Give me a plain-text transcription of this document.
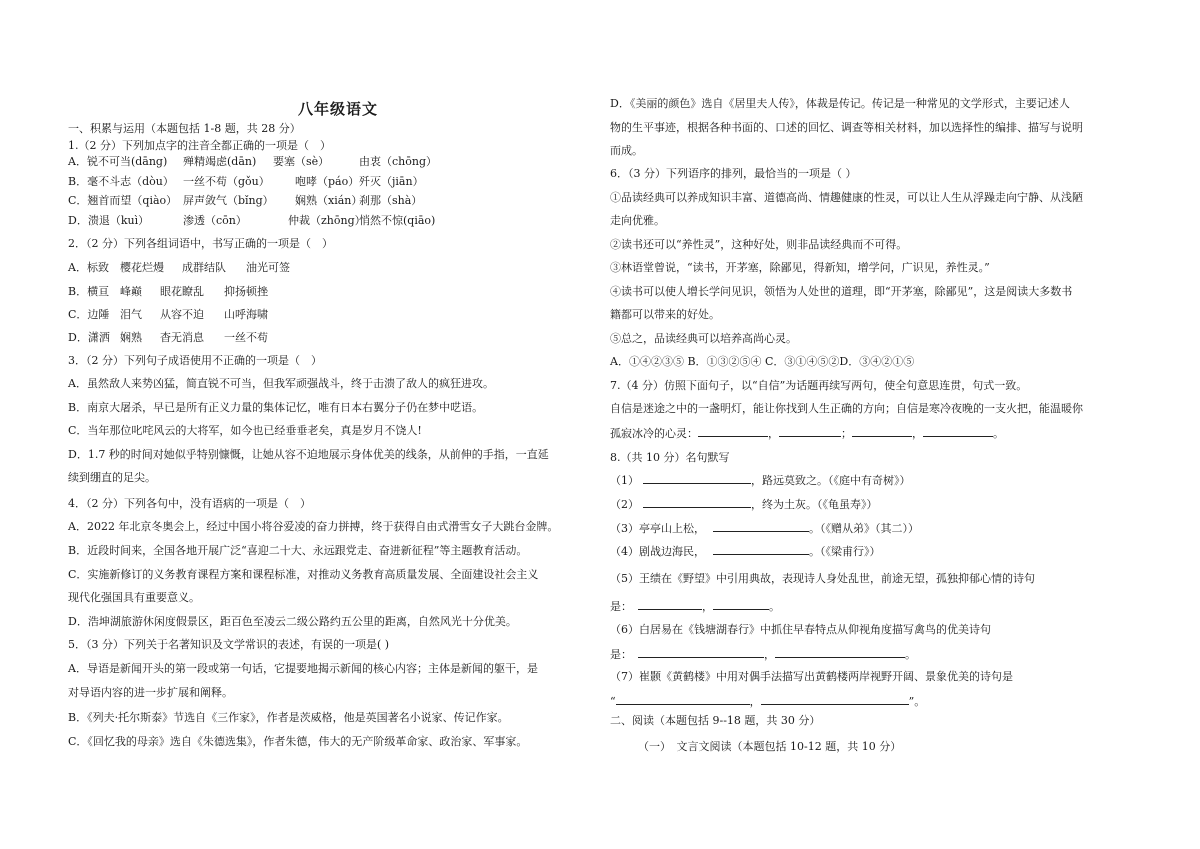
八年级语文
一、积累与运用（本题包括 1-8 题，共 28 分）
1.（2 分）下列加点字的注音全都正确的一项是（　）
A．锐不可当(dāng) 殚精竭虑(dān) 要塞（sè）	由衷（chōng）
B．毫不斗志（dòu） 一丝不苟（gǒu） 咆哮（páo）歼灭（jiān）
C．翘首而望（qiào） 屏声敛气（bǐng） 娴熟（xián）刹那（shà）
D．溃退（kuì）	渗透（cōn）	仲裁（zhōng）悄然不惊(qiāo)
2．（2 分）下列各组词语中，书写正确的一项是（　）
A．标致 樱花烂熳 成群结队 油光可签
B．横亘 峰巅 眼花瞭乱 抑扬顿挫
C．边陲 泪气 从容不迫 山呼海啸
D．潇洒 娴熟 杳无消息 一丝不苟
3．（2 分）下列句子成语使用不正确的一项是（　）
A．虽然敌人来势凶猛，简直锐不可当，但我军顽强战斗，终于击溃了敌人的疯狂进攻。
B．南京大屠杀，早已是所有正义力量的集体记忆，唯有日本右翼分子仍在梦中呓语。
C．当年那位叱咤风云的大将军，如今也已经垂垂老矣，真是岁月不饶人!
D．1.7 秒的时间对她似乎特别慷慨，让她从容不迫地展示身体优美的线条，从前伸的手指，一直延
续到绷直的足尖。
4．（2 分）下列各句中，没有语病的一项是（　）
A．2022 年北京冬奥会上，经过中国小将谷爱凌的奋力拼搏，终于获得自由式滑雪女子大跳台金牌。
B．近段时间来，全国各地开展广泛“喜迎二十大、永远跟党走、奋进新征程”等主题教育活动。
C．实施新修订的义务教育课程方案和课程标准，对推动义务教育高质量发展、全面建设社会主义
现代化强国具有重要意义。
D．浩坤湖旅游休闲度假景区，距百色至凌云二级公路约五公里的距离，自然风光十分优美。
5．（3 分）下列关于名著知识及文学常识的表述，有误的一项是( )
A．导语是新闻开头的第一段或第一句话，它提要地揭示新闻的核心内容；主体是新闻的躯干，是
对导语内容的进一步扩展和阐释。
B．《列夫·托尔斯泰》节选自《三作家》，作者是茨威格，他是英国著名小说家、传记作家。
C．《回忆我的母亲》选自《朱德选集》，作者朱德，伟大的无产阶级革命家、政治家、军事家。
D．《美丽的颜色》选自《居里夫人传》，体裁是传记。传记是一种常见的文学形式，主要记述人
物的生平事迹，根据各种书面的、口述的回忆、调查等相关材料，加以选择性的编排、描写与说明
而成。
6．（3 分）下列语序的排列，最恰当的一项是（ ）
①品读经典可以养成知识丰富、道德高尚、情趣健康的性灵，可以让人生从浮躁走向宁静、从浅陋
走向优雅。
②读书还可以“养性灵”，这种好处，则非品读经典而不可得。
③林语堂曾说，“读书，开茅塞，除鄙见，得新知，增学问，广识见，养性灵。”
④读书可以使人增长学问见识，领悟为人处世的道理，即“开茅塞，除鄙见”，这是阅读大多数书
籍都可以带来的好处。
⑤总之，品读经典可以培养高尚心灵。
A．①④②③⑤ B．①③②⑤④ C．③①④⑤②D．③④②①⑤
7.（4 分）仿照下面句子，以“自信”为话题再续写两句，使全句意思连贯，句式一致。
自信是迷途之中的一盏明灯，能让你找到人生正确的方向；自信是寒冷夜晚的一支火把，能温暖你
孤寂冰冷的心灵：	，	；	，	。
8.（共 10 分）名句默写
（1）	，路远莫致之。（《庭中有奇树》）
（2）	，终为土灰。（《龟虽寿》）
（3）亭亭山上松，	。（《赠从弟》（其二））
（4）剧战边海民，	。（《梁甫行》）
（5）王绩在《野望》中引用典故，表现诗人身处乱世，前途无望，孤独抑郁心情的诗句
是：	，	。
（6）白居易在《钱塘湖春行》中抓住早春特点从仰视角度描写禽鸟的优美诗句
是：	，	。
（7）崔颢《黄鹤楼》中用对偶手法描写出黄鹤楼两岸视野开阔、景象优美的诗句是
“	，	”。
二、阅读（本题包括 9--18 题，共 30 分）
（一）　文言文阅读（本题包括 10-12 题，共 10 分）
